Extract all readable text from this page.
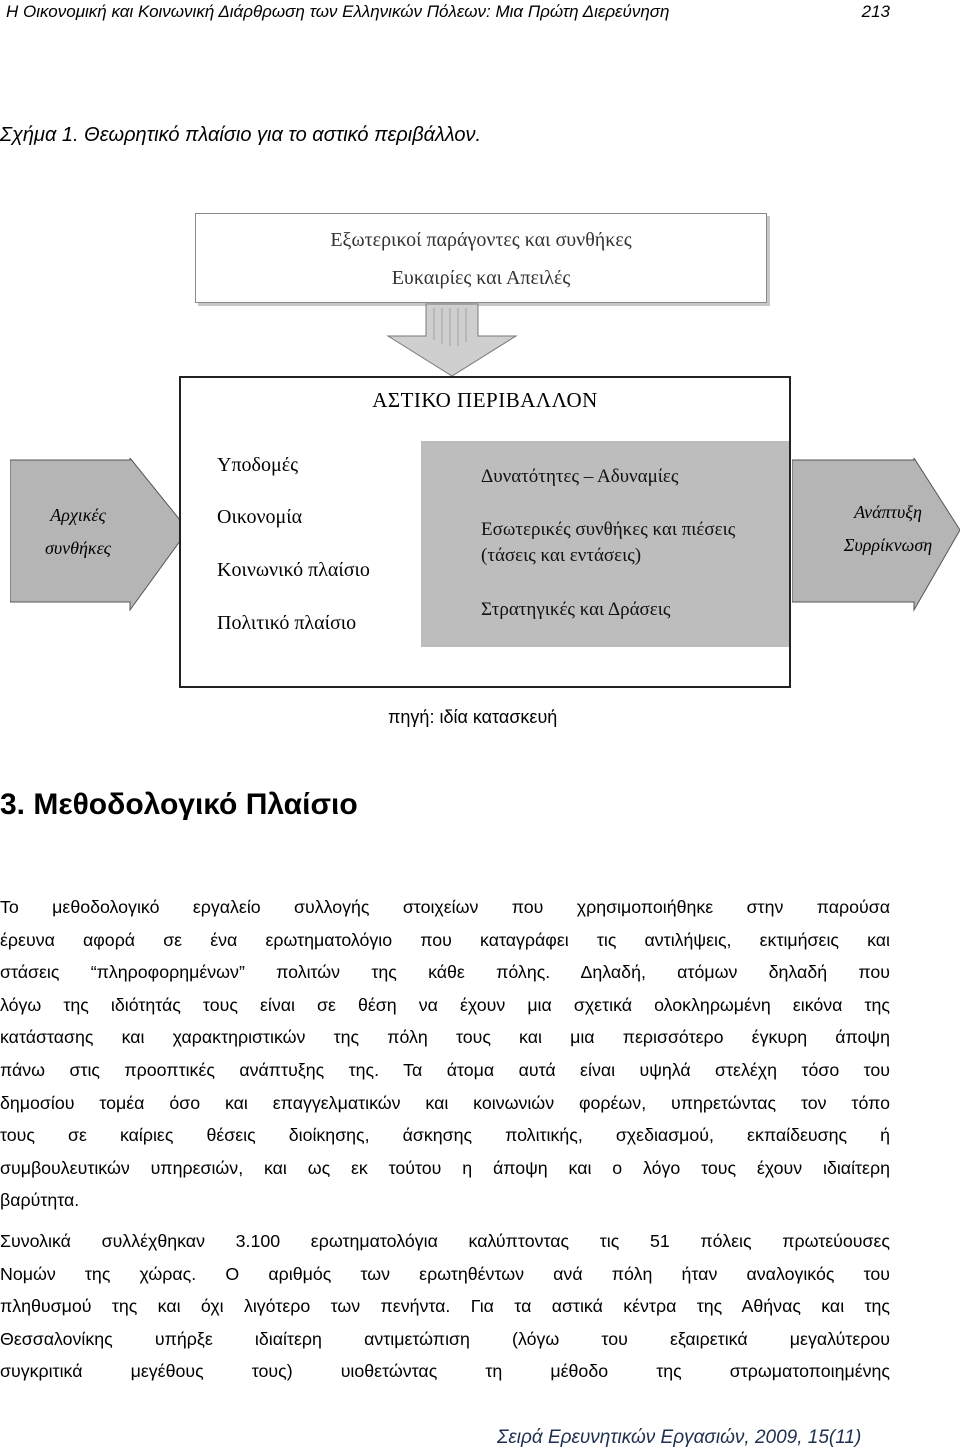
Η Οικονομική και Κοινωνική Διάρθρωση των Ελληνικών Πόλεων: Μια Πρώτη Διερεύνηση	213
Σχήμα 1. Θεωρητικό πλαίσιο για το αστικό περιβάλλον.
Εξωτερικοί παράγοντες και συνθήκες
Ευκαιρίες και Απειλές
Αρχικές
συνθήκες
Ανάπτυξη
Συρρίκνωση
ΑΣΤΙΚΟ ΠΕΡΙΒΑΛΛΟΝ
Υποδομές
Οικονομία
Κοινωνικό πλαίσιο
Πολιτικό πλαίσιο
Δυνατότητες – Αδυναμίες
Εσωτερικές συνθήκες και πιέσεις
(τάσεις και εντάσεις)
Στρατηγικές και Δράσεις
πηγή: ιδία κατασκευή
3. Μεθοδολογικό Πλαίσιο
Το μεθοδολογικό εργαλείο συλλογής στοιχείων που χρησιμοποιήθηκε στην παρούσα
έρευνα αφορά σε ένα ερωτηματολόγιο που καταγράφει τις αντιλήψεις, εκτιμήσεις και
στάσεις “πληροφορημένων” πολιτών της κάθε πόλης. Δηλαδή, ατόμων δηλαδή που
λόγω της ιδιότητάς τους είναι σε θέση να έχουν μια σχετικά ολοκληρωμένη εικόνα της
κατάστασης και χαρακτηριστικών της πόλη τους και μια περισσότερο έγκυρη άποψη
πάνω στις προοπτικές ανάπτυξης της. Τα άτομα αυτά είναι υψηλά στελέχη τόσο του
δημοσίου τομέα όσο και επαγγελματικών και κοινωνιών φορέων, υπηρετώντας τον τόπο
τους σε καίριες θέσεις διοίκησης, άσκησης πολιτικής, σχεδιασμού, εκπαίδευσης ή
συμβουλευτικών υπηρεσιών, και ως εκ τούτου η άποψη και ο λόγο τους έχουν ιδιαίτερη
βαρύτητα.
Συνολικά συλλέχθηκαν 3.100 ερωτηματολόγια καλύπτοντας τις 51 πόλεις πρωτεύουσες
Νομών της χώρας. Ο αριθμός των ερωτηθέντων ανά πόλη ήταν αναλογικός του
πληθυσμού της και όχι λιγότερο των πενήντα. Για τα αστικά κέντρα της Αθήνας και της
Θεσσαλονίκης υπήρξε ιδιαίτερη αντιμετώπιση (λόγω του εξαιρετικά μεγαλύτερου
συγκριτικά μεγέθους τους) υιοθετώντας τη μέθοδο της στρωματοποιημένης
Σειρά Ερευνητικών Εργασιών, 2009, 15(11)
